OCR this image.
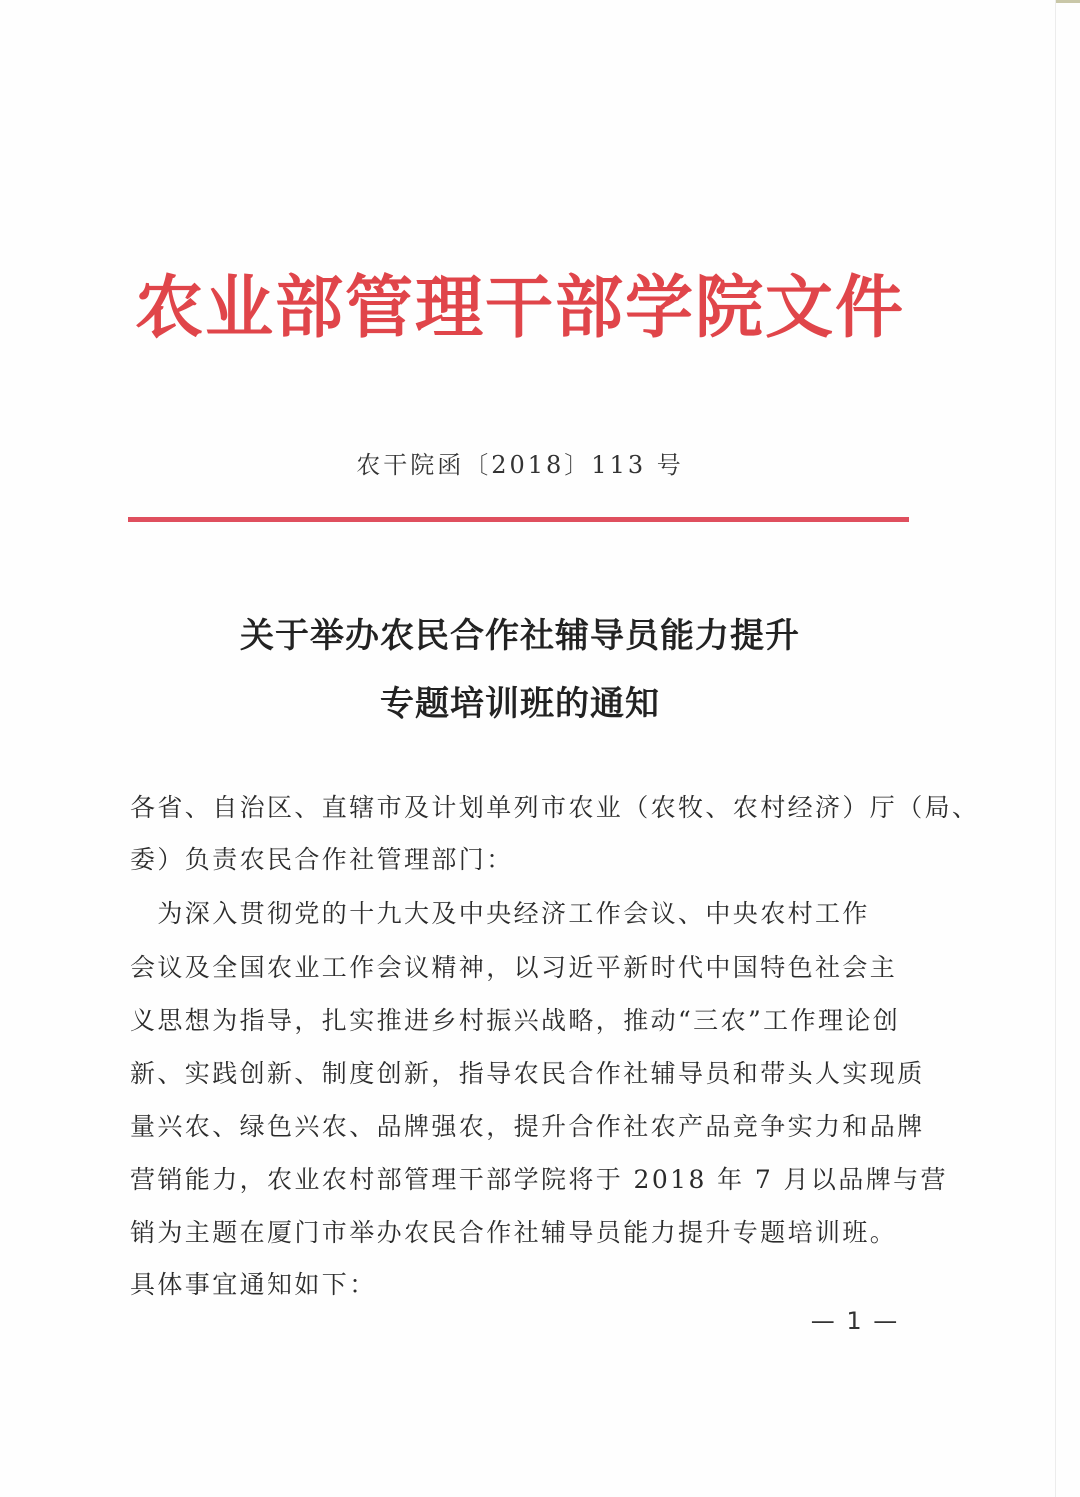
农业部管理干部学院文件
农干院函〔2018〕113 号
关于举办农民合作社辅导员能力提升
专题培训班的通知
各省、自治区、直辖市及计划单列市农业（农牧、农村经济）厅（局、
委）负责农民合作社管理部门：
　为深入贯彻党的十九大及中央经济工作会议、中央农村工作
会议及全国农业工作会议精神，以习近平新时代中国特色社会主
义思想为指导，扎实推进乡村振兴战略，推动“三农”工作理论创
新、实践创新、制度创新，指导农民合作社辅导员和带头人实现质
量兴农、绿色兴农、品牌强农，提升合作社农产品竞争实力和品牌
营销能力，农业农村部管理干部学院将于 2018 年 7 月以品牌与营
销为主题在厦门市举办农民合作社辅导员能力提升专题培训班。
具体事宜通知如下：
— 1 —
